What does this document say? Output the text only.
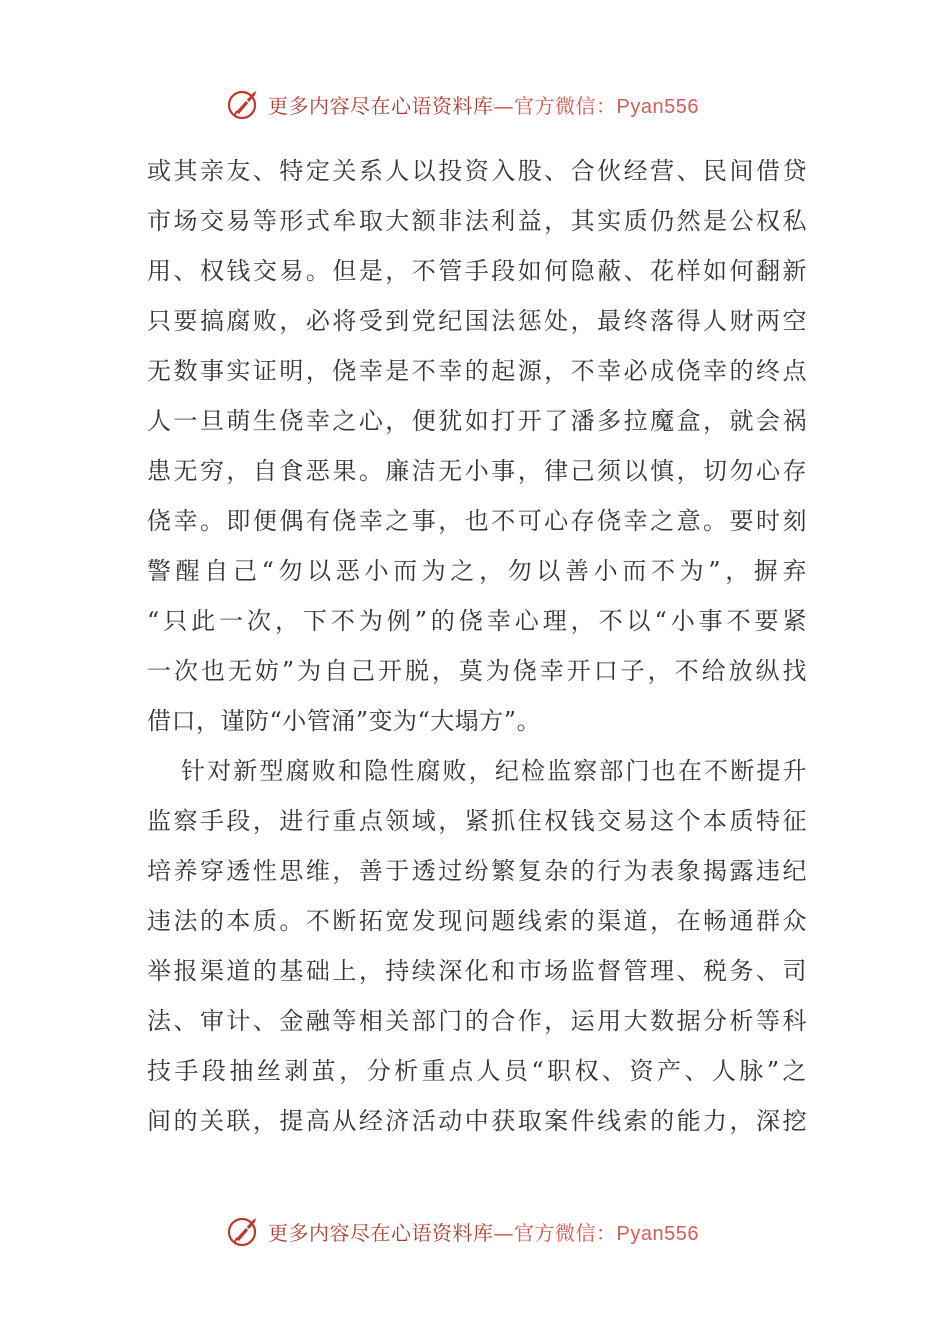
更多内容尽在心语资料库—官方微信：Pyan556
或其亲友、特定关系人以投资入股、合伙经营、民间借贷
市场交易等形式牟取大额非法利益，其实质仍然是公权私
用、权钱交易。但是，不管手段如何隐蔽、花样如何翻新
只要搞腐败，必将受到党纪国法惩处，最终落得人财两空
无数事实证明，侥幸是不幸的起源，不幸必成侥幸的终点
人一旦萌生侥幸之心，便犹如打开了潘多拉魔盒，就会祸
患无穷，自食恶果。廉洁无小事，律己须以慎，切勿心存
侥幸。即便偶有侥幸之事，也不可心存侥幸之意。要时刻
警醒自己“勿以恶小而为之，勿以善小而不为”，摒弃
“只此一次，下不为例”的侥幸心理，不以“小事不要紧
一次也无妨”为自己开脱，莫为侥幸开口子，不给放纵找
借口，谨防“小管涌”变为“大塌方”。
针对新型腐败和隐性腐败，纪检监察部门也在不断提升
监察手段，进行重点领域，紧抓住权钱交易这个本质特征
培养穿透性思维，善于透过纷繁复杂的行为表象揭露违纪
违法的本质。不断拓宽发现问题线索的渠道，在畅通群众
举报渠道的基础上，持续深化和市场监督管理、税务、司
法、审计、金融等相关部门的合作，运用大数据分析等科
技手段抽丝剥茧，分析重点人员“职权、资产、人脉”之
间的关联，提高从经济活动中获取案件线索的能力，深挖
更多内容尽在心语资料库—官方微信：Pyan556
